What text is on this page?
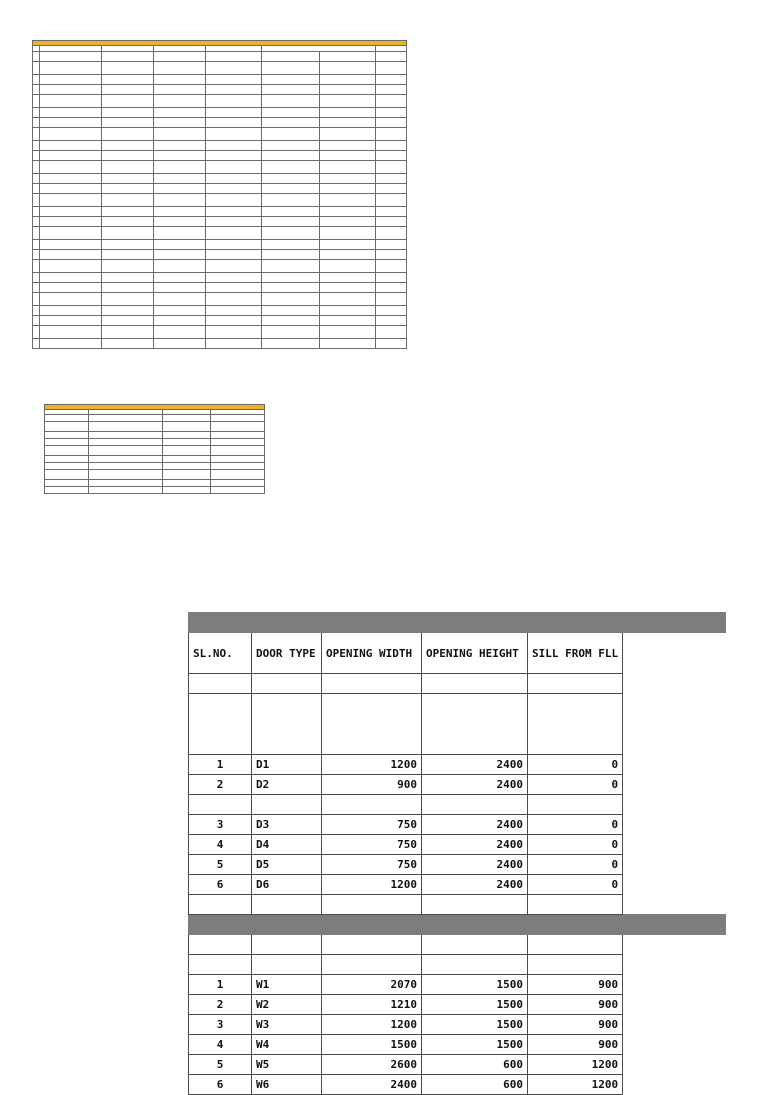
SL.NO.	DOOR TYPE	OPENING WIDTH	OPENING HEIGHT	SILL FROM FLL	

1	D1	1200	2400	0	
2	D2	900	2400	0	

3	D3	750	2400	0	
4	D4	750	2400	0	
5	D5	750	2400	0	
6	D6	1200	2400	0	

1	W1	2070	1500	900	
2	W2	1210	1500	900	
3	W3	1200	1500	900	
4	W4	1500	1500	900	
5	W5	2600	600	1200	
6	W6	2400	600	1200	
